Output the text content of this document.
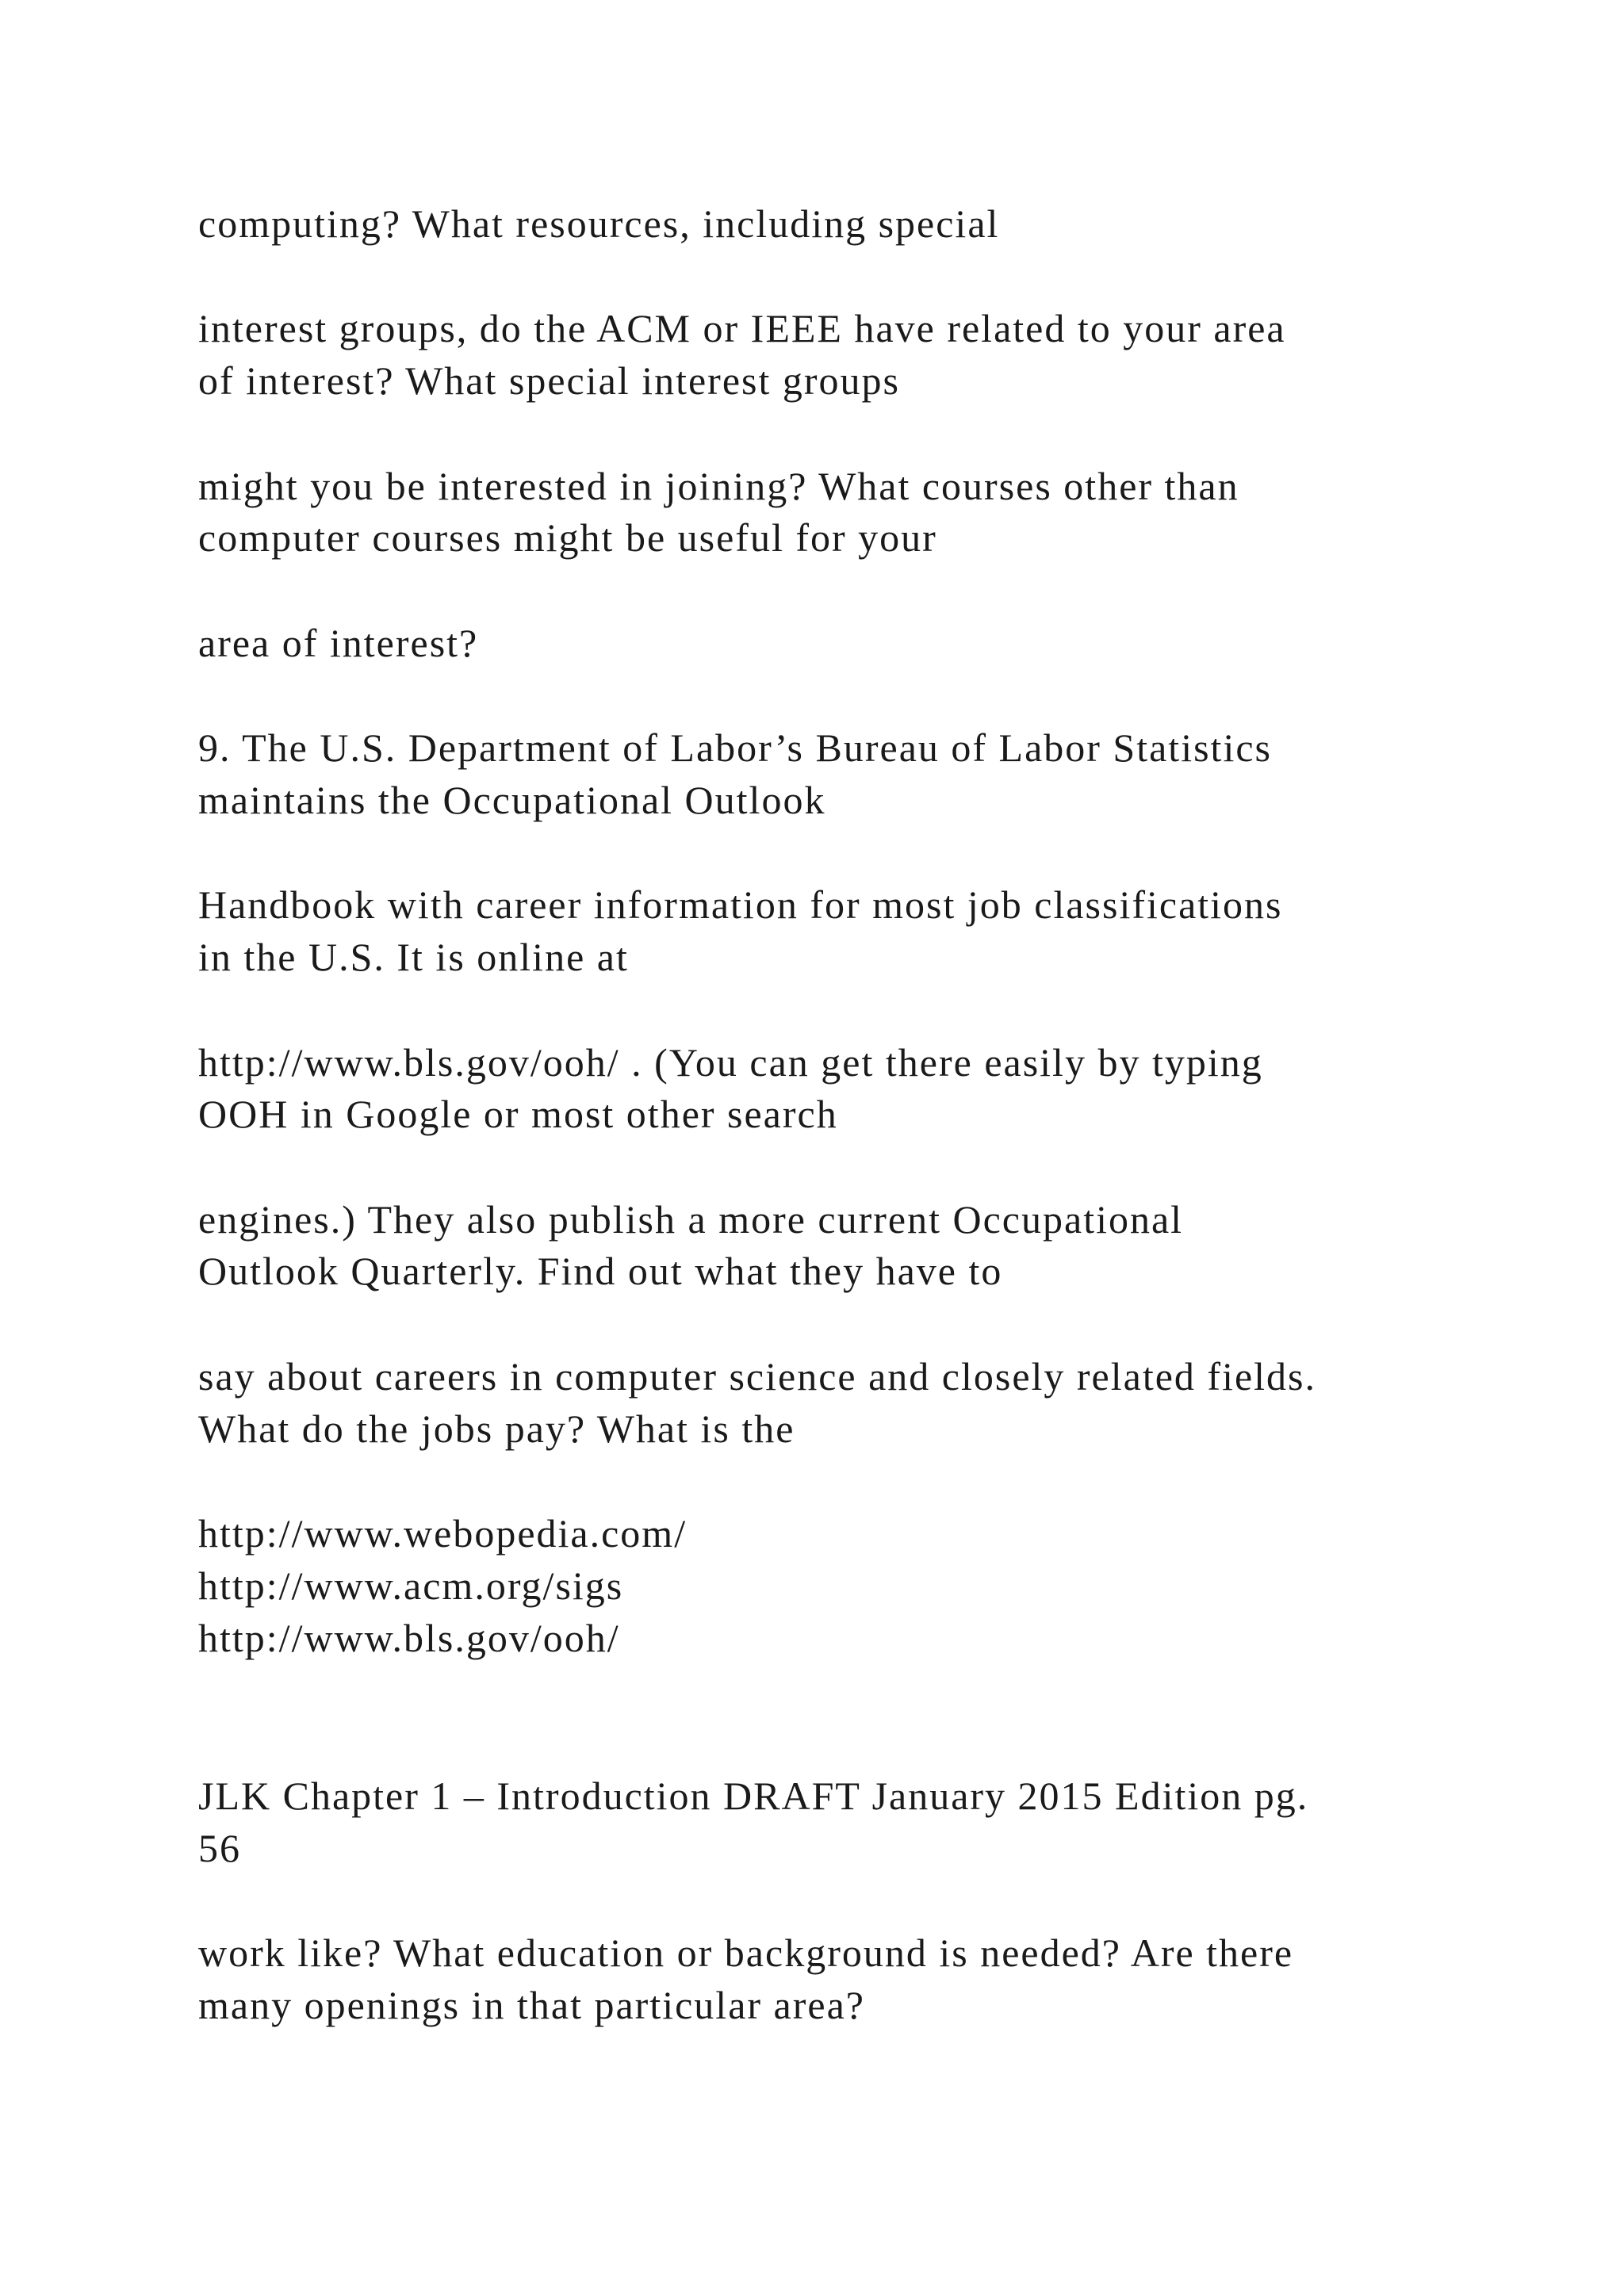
computing? What resources, including special
interest groups, do the ACM or IEEE have related to your area
of interest? What special interest groups
might you be interested in joining? What courses other than
computer courses might be useful for your
area of interest?
9. The U.S. Department of Labor’s Bureau of Labor Statistics
maintains the Occupational Outlook
Handbook with career information for most job classifications
in the U.S. It is online at
http://www.bls.gov/ooh/ . (You can get there easily by typing
OOH in Google or most other search
engines.) They also publish a more current Occupational
Outlook Quarterly. Find out what they have to
say about careers in computer science and closely related fields.
What do the jobs pay? What is the
http://www.webopedia.com/
http://www.acm.org/sigs
http://www.bls.gov/ooh/
JLK Chapter 1 – Introduction DRAFT January 2015 Edition pg.
56
work like? What education or background is needed? Are there
many openings in that particular area?
